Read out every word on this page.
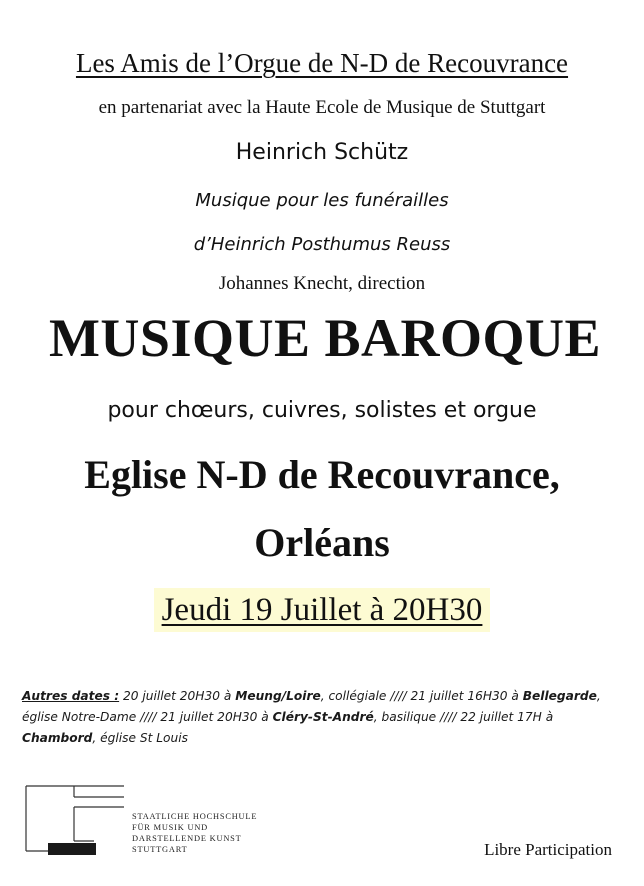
Les Amis de l’Orgue de N-D de Recouvrance
en partenariat avec la Haute Ecole de Musique de Stuttgart
Heinrich Schütz
Musique pour les funérailles
d’Heinrich Posthumus Reuss
Johannes Knecht, direction
MUSIQUE BAROQUE
pour chœurs, cuivres, solistes et orgue
Eglise N-D de Recouvrance,
Orléans
Jeudi 19 Juillet à 20H30
Autres dates : 20 juillet 20H30 à Meung/Loire, collégiale //// 21 juillet 16H30 à Bellegarde, église Notre-Dame //// 21 juillet 20H30 à Cléry-St-André, basilique //// 22 juillet 17H à Chambord, église St Louis
STAATLICHE HOCHSCHULE
FÜR MUSIK UND
DARSTELLENDE KUNST
STUTTGART	Libre Participation
